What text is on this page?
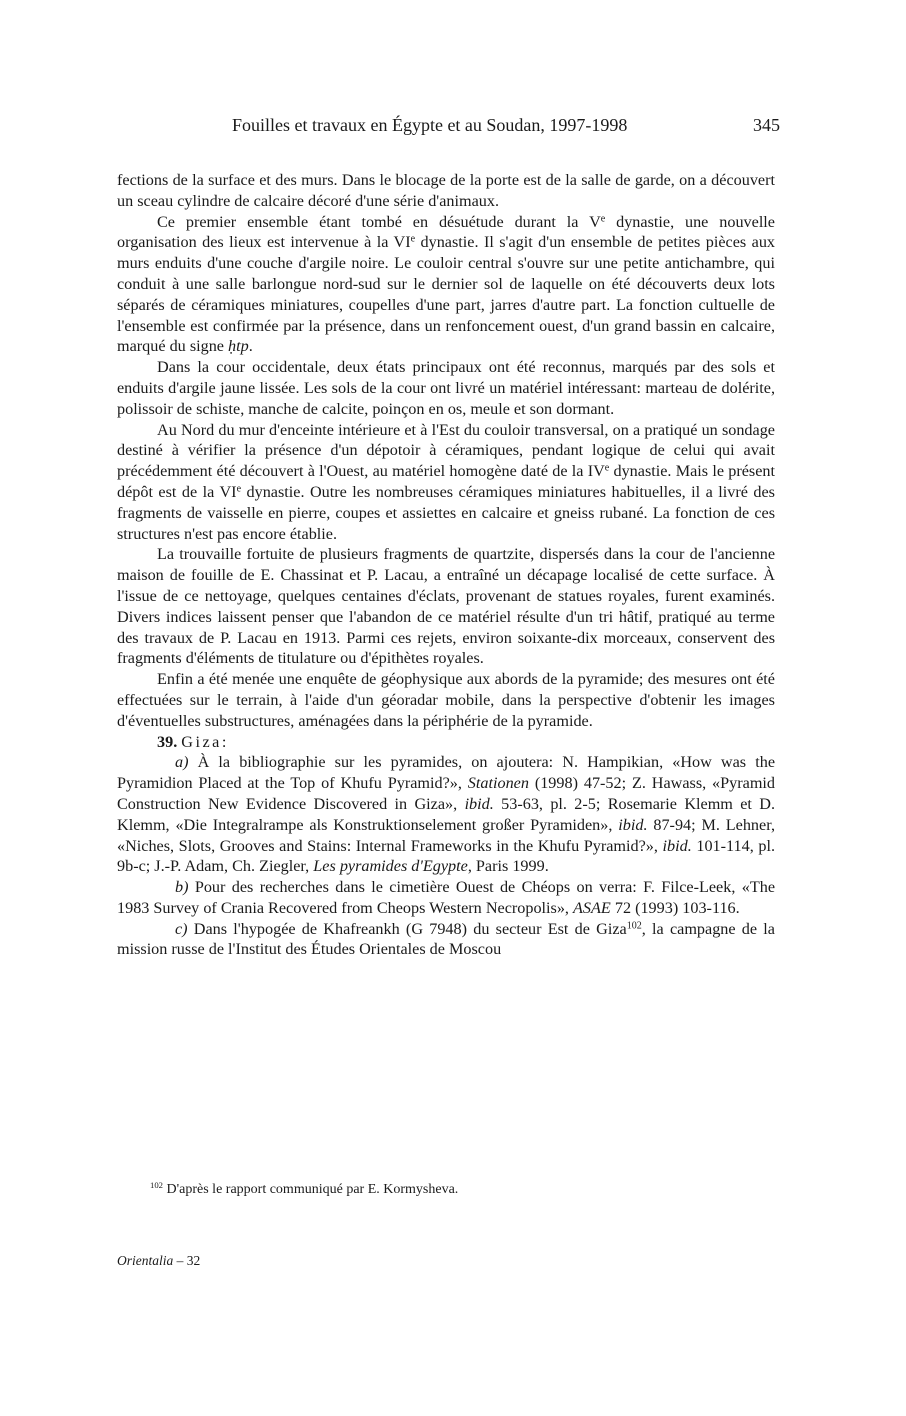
Fouilles et travaux en Égypte et au Soudan, 1997-1998	345

fections de la surface et des murs. Dans le blocage de la porte est de la salle de garde, on a découvert un sceau cylindre de calcaire décoré d'une série d'animaux.

Ce premier ensemble étant tombé en désuétude durant la Ve dynastie, une nouvelle organisation des lieux est intervenue à la VIe dynastie. Il s'agit d'un ensemble de petites pièces aux murs enduits d'une couche d'argile noire. Le couloir central s'ouvre sur une petite antichambre, qui conduit à une salle barlongue nord-sud sur le dernier sol de laquelle on été découverts deux lots séparés de céramiques miniatures, coupelles d'une part, jarres d'autre part. La fonction cultuelle de l'ensemble est confirmée par la présence, dans un renfoncement ouest, d'un grand bassin en calcaire, marqué du signe ḥtp.

Dans la cour occidentale, deux états principaux ont été reconnus, marqués par des sols et enduits d'argile jaune lissée. Les sols de la cour ont livré un matériel intéressant: marteau de dolérite, polissoir de schiste, manche de calcite, poinçon en os, meule et son dormant.

Au Nord du mur d'enceinte intérieure et à l'Est du couloir transversal, on a pratiqué un sondage destiné à vérifier la présence d'un dépotoir à céramiques, pendant logique de celui qui avait précédemment été découvert à l'Ouest, au matériel homogène daté de la IVe dynastie. Mais le présent dépôt est de la VIe dynastie. Outre les nombreuses céramiques miniatures habituelles, il a livré des fragments de vaisselle en pierre, coupes et assiettes en calcaire et gneiss rubané. La fonction de ces structures n'est pas encore établie.

La trouvaille fortuite de plusieurs fragments de quartzite, dispersés dans la cour de l'ancienne maison de fouille de E. Chassinat et P. Lacau, a entraîné un décapage localisé de cette surface. À l'issue de ce nettoyage, quelques centaines d'éclats, provenant de statues royales, furent examinés. Divers indices laissent penser que l'abandon de ce matériel résulte d'un tri hâtif, pratiqué au terme des travaux de P. Lacau en 1913. Parmi ces rejets, environ soixante-dix morceaux, conservent des fragments d'éléments de titulature ou d'épithètes royales.

Enfin a été menée une enquête de géophysique aux abords de la pyramide; des mesures ont été effectuées sur le terrain, à l'aide d'un géoradar mobile, dans la perspective d'obtenir les images d'éventuelles substructures, aménagées dans la périphérie de la pyramide.

39. Giza:

a) À la bibliographie sur les pyramides, on ajoutera: N. Hampikian, «How was the Pyramidion Placed at the Top of Khufu Pyramid?», Stationen (1998) 47-52; Z. Hawass, «Pyramid Construction New Evidence Discovered in Giza», ibid. 53-63, pl. 2-5; Rosemarie Klemm et D. Klemm, «Die Integralrampe als Konstruktionselement großer Pyramiden», ibid. 87-94; M. Lehner, «Niches, Slots, Grooves and Stains: Internal Frameworks in the Khufu Pyramid?», ibid. 101-114, pl. 9b-c; J.-P. Adam, Ch. Ziegler, Les pyramides d'Egypte, Paris 1999.

b) Pour des recherches dans le cimetière Ouest de Chéops on verra: F. Filce-Leek, «The 1983 Survey of Crania Recovered from Cheops Western Necropolis», ASAE 72 (1993) 103-116.

c) Dans l'hypogée de Khafreankh (G 7948) du secteur Est de Giza$^{102}$, la campagne de la mission russe de l'Institut des Études Orientales de Moscou

$^{102}$ D'après le rapport communiqué par E. Kormysheva.
Orientalia – 32
